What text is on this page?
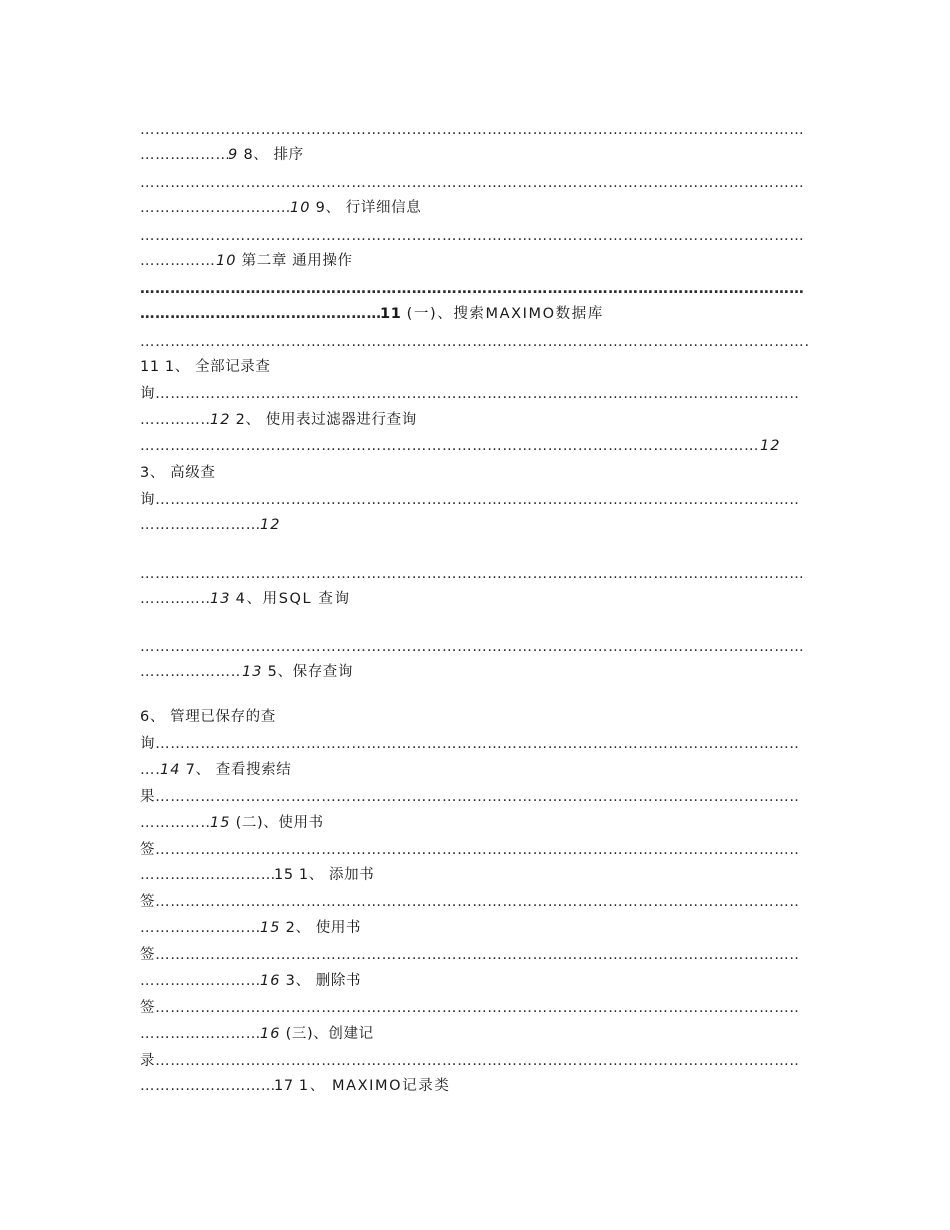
……………………………………………………………………………………………………………………………………………………………………………………………………………………………………………………
……………………………………………………………………………………………………………………………………………………………………………………………………………………………………………………9 8、 排序
……………………………………………………………………………………………………………………………………………………………………………………………………………………………………………………
……………………………………………………………………………………………………………………………………………………………………………………………………………………………………………………10 9、 行详细信息
……………………………………………………………………………………………………………………………………………………………………………………………………………………………………………………
……………………………………………………………………………………………………………………………………………………………………………………………………………………………………………………10 第二章 通用操作
……………………………………………………………………………………………………………………………………………………………………………………………………………………………………………………
……………………………………………………………………………………………………………………………………………………………………………………………………………………………………………………11 (一)、搜索MAXIMO数据库
……………………………………………………………………………………………………………………………………………………………………………………………………………………………………………………
11 1、 全部记录查
询……………………………………………………………………………………………………………………………………………………………………………………………………………………………………………………
……………………………………………………………………………………………………………………………………………………………………………………………………………………………………………………12 2、 使用表过滤器进行查询
……………………………………………………………………………………………………………………………………………………………………………………………………………………………………………………12
3、 高级查
询……………………………………………………………………………………………………………………………………………………………………………………………………………………………………………………
……………………………………………………………………………………………………………………………………………………………………………………………………………………………………………………12
……………………………………………………………………………………………………………………………………………………………………………………………………………………………………………………
……………………………………………………………………………………………………………………………………………………………………………………………………………………………………………………13 4、用SQL 查询
……………………………………………………………………………………………………………………………………………………………………………………………………………………………………………………
……………………………………………………………………………………………………………………………………………………………………………………………………………………………………………………13 5、保存查询
6、 管理已保存的查
询……………………………………………………………………………………………………………………………………………………………………………………………………………………………………………………
……………………………………………………………………………………………………………………………………………………………………………………………………………………………………………………14 7、 查看搜索结
果……………………………………………………………………………………………………………………………………………………………………………………………………………………………………………………
……………………………………………………………………………………………………………………………………………………………………………………………………………………………………………………15 (二)、使用书
签……………………………………………………………………………………………………………………………………………………………………………………………………………………………………………………
……………………………………………………………………………………………………………………………………………………………………………………………………………………………………………………15 1、 添加书
签……………………………………………………………………………………………………………………………………………………………………………………………………………………………………………………
……………………………………………………………………………………………………………………………………………………………………………………………………………………………………………………15 2、 使用书
签……………………………………………………………………………………………………………………………………………………………………………………………………………………………………………………
……………………………………………………………………………………………………………………………………………………………………………………………………………………………………………………16 3、 删除书
签……………………………………………………………………………………………………………………………………………………………………………………………………………………………………………………
……………………………………………………………………………………………………………………………………………………………………………………………………………………………………………………16 (三)、创建记
录……………………………………………………………………………………………………………………………………………………………………………………………………………………………………………………
……………………………………………………………………………………………………………………………………………………………………………………………………………………………………………………17 1、 MAXIMO记录类
